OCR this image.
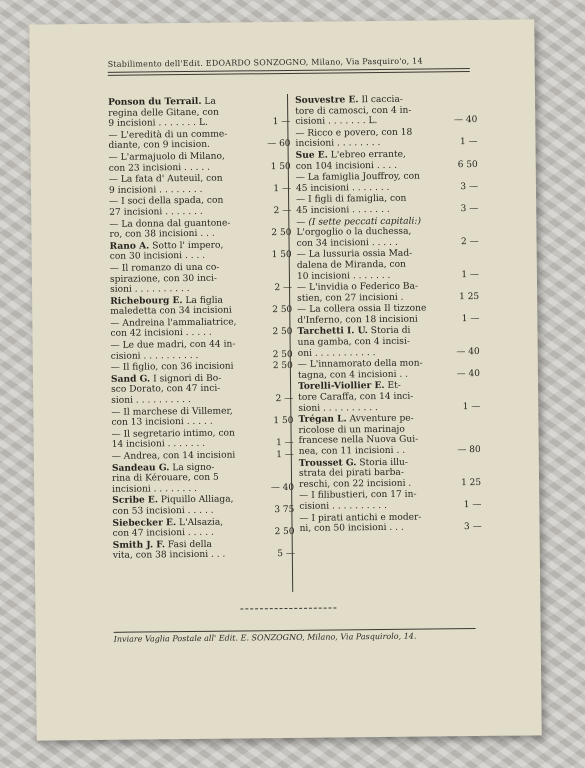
Stabilimento dell'Edit. EDOARDO SONZOGNO, Milano, Via Pasquiro'o, 14
Ponson du Terrail. La
regina delle Gitane, con
9 incisioni . . . . . . . L.	1 —
— L'eredità di un comme-
diante, con 9 incision.	— 60
— L'armajuolo di Milano,
con 23 incisioni . . . . .	1 50
— La fata d' Auteuil, con
9 incisioni . . . . . . . .	1 —
— I soci della spada, con
27 incisioni . . . . . . .	2 —
— La donna dal guantone-
ro, con 38 incisioni . . .	2 50
Rano A. Sotto l' impero,
con 30 incisioni . . . .	1 50
— Il romanzo di una co-
spirazione, con 30 inci-
sioni . . . . . . . . . .	2 —
Richebourg E. La figlia
maledetta con 34 incisioni	2 50
— Andreina l'ammaliatrice,
con 42 incisioni . . . . .	2 50
— Le due madri, con 44 in-
cisioni . . . . . . . . . .	2 50
— Il figlio, con 36 incisioni	2 50
Sand G. I signori di Bo-
sco Dorato, con 47 inci-
sioni . . . . . . . . . .	2 —
— Il marchese di Villemer,
con 13 incisioni . . . . .	1 50
— Il segretario intimo, con
14 incisioni . . . . . . .	1 —
— Andrea, con 14 incisioni	1 —
Sandeau G. La signo-
rina di Kérouare, con 5
incisioni . . . . . . . .	— 40
Scribe E. Piquillo Alliaga,
con 53 incisioni . . . . .	3 75
Siebecker E. L'Alsazia,
con 47 incisioni . . . . .	2 50
Smith J. F. Fasi della
vita, con 38 incisioni . . .	5 —
Souvestre E. Il caccia-
tore di camosci, con 4 in-
cisioni . . . . . . . L.	— 40
— Ricco e povero, con 18
incisioni . . . . . . . .	1 —
Sue E. L'ebreo errante,
con 104 incisioni . . . .	6 50
— La famiglia Jouffroy, con
45 incisioni . . . . . . .	3 —
— I figli di famiglia, con
45 incisioni . . . . . . .	3 —
— (I sette peccati capitali:)
L'orgoglio o la duchessa,
con 34 incisioni . . . . .	2 —
— La lussuria ossia Mad-
dalena de Miranda, con
10 incisioni . . . . . . .	1 —
— L'invidia o Federico Ba-
stien, con 27 incisioni .	1 25
— La collera ossia Il tizzone
d'Inferno, con 18 incisioni	1 —
Tarchetti I. U. Storia di
una gamba, con 4 incisi-
oni . . . . . . . . . . .	— 40
— L'innamorato della mon-
tagna, con 4 incisioni . .	— 40
Torelli-Viollier E. Et-
tore Caraffa, con 14 inci-
sioni . . . . . . . . . .	1 —
Trégan L. Avventure pe-
ricolose di un marinajo
francese nella Nuova Gui-
nea, con 11 incisioni . .	— 80
Trousset G. Storia illu-
strata dei pirati barba-
reschi, con 22 incisioni .	1 25
— I filibustieri, con 17 in-
cisioni . . . . . . . . . .	1 —
— I pirati antichi e moder-
ni, con 50 incisioni . . .	3 —
Inviare Vaglia Postale all' Edit. E. SONZOGNO, Milano, Via Pasquirolo, 14.
